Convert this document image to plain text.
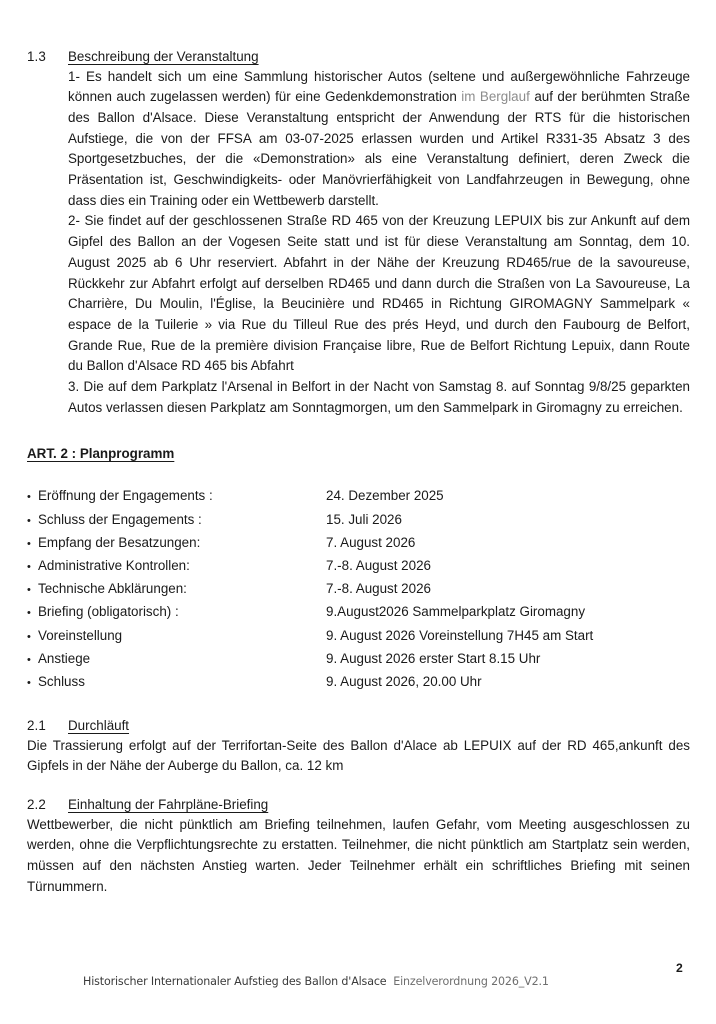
1.3	Beschreibung der Veranstaltung

1- Es handelt sich um eine Sammlung historischer Autos (seltene und außergewöhnliche Fahrzeuge können auch zugelassen werden) für eine Gedenkdemonstration im Berglauf auf der berühmten Straße des Ballon d'Alsace. Diese Veranstaltung entspricht der Anwendung der RTS für die historischen Aufstiege, die von der FFSA am 03-07-2025 erlassen wurden und Artikel R331-35 Absatz 3 des Sportgesetzbuches, der die «Demonstration» als eine Veranstaltung definiert, deren Zweck die Präsentation ist, Geschwindigkeits- oder Manövrierfähigkeit von Landfahrzeugen in Bewegung, ohne dass dies ein Training oder ein Wettbewerb darstellt.

2- Sie findet auf der geschlossenen Straße RD 465 von der Kreuzung LEPUIX bis zur Ankunft auf dem Gipfel des Ballon an der Vogesen Seite statt und ist für diese Veranstaltung am Sonntag, dem 10. August 2025 ab 6 Uhr reserviert. Abfahrt in der Nähe der Kreuzung RD465/rue de la savoureuse, Rückkehr zur Abfahrt erfolgt auf derselben RD465 und dann durch die Straßen von La Savoureuse, La Charrière, Du Moulin, l'Église, la Beucinière und RD465 in Richtung GIROMAGNY Sammelpark « espace de la Tuilerie » via Rue du Tilleul Rue des prés Heyd, und durch den Faubourg de Belfort, Grande Rue, Rue de la première division Française libre, Rue de Belfort Richtung Lepuix, dann Route du Ballon d'Alsace RD 465 bis Abfahrt

3. Die auf dem Parkplatz l'Arsenal in Belfort in der Nacht von Samstag 8. auf Sonntag 9/8/25 geparkten Autos verlassen diesen Parkplatz am Sonntagmorgen, um den Sammelpark in Giromagny zu erreichen.

ART. 2 : Planprogramm
• Eröffnung der Engagements :	24. Dezember 2025
• Schluss der Engagements :	15. Juli 2026
• Empfang der Besatzungen:	7. August 2026
• Administrative Kontrollen:	7.-8. August 2026
• Technische Abklärungen:	7.-8. August 2026
• Briefing (obligatorisch) :	9.August2026 Sammelparkplatz Giromagny
• Voreinstellung	9. August 2026 Voreinstellung 7H45 am Start
• Anstiege	9. August 2026 erster Start 8.15 Uhr
• Schluss	9. August 2026, 20.00 Uhr
2.1	Durchläuft

Die Trassierung erfolgt auf der Terrifortan-Seite des Ballon d'Alace ab LEPUIX auf der RD 465,ankunft des Gipfels in der Nähe der Auberge du Ballon, ca. 12 km

2.2	Einhaltung der Fahrpläne-Briefing

Wettbewerber, die nicht pünktlich am Briefing teilnehmen, laufen Gefahr, vom Meeting ausgeschlossen zu werden, ohne die Verpflichtungsrechte zu erstatten. Teilnehmer, die nicht pünktlich am Startplatz sein werden, müssen auf den nächsten Anstieg warten. Jeder Teilnehmer erhält ein schriftliches Briefing mit seinen Türnummern.

Historischer Internationaler Aufstieg des Ballon d'Alsace Einzelverordnung 2026_V2.1
2
